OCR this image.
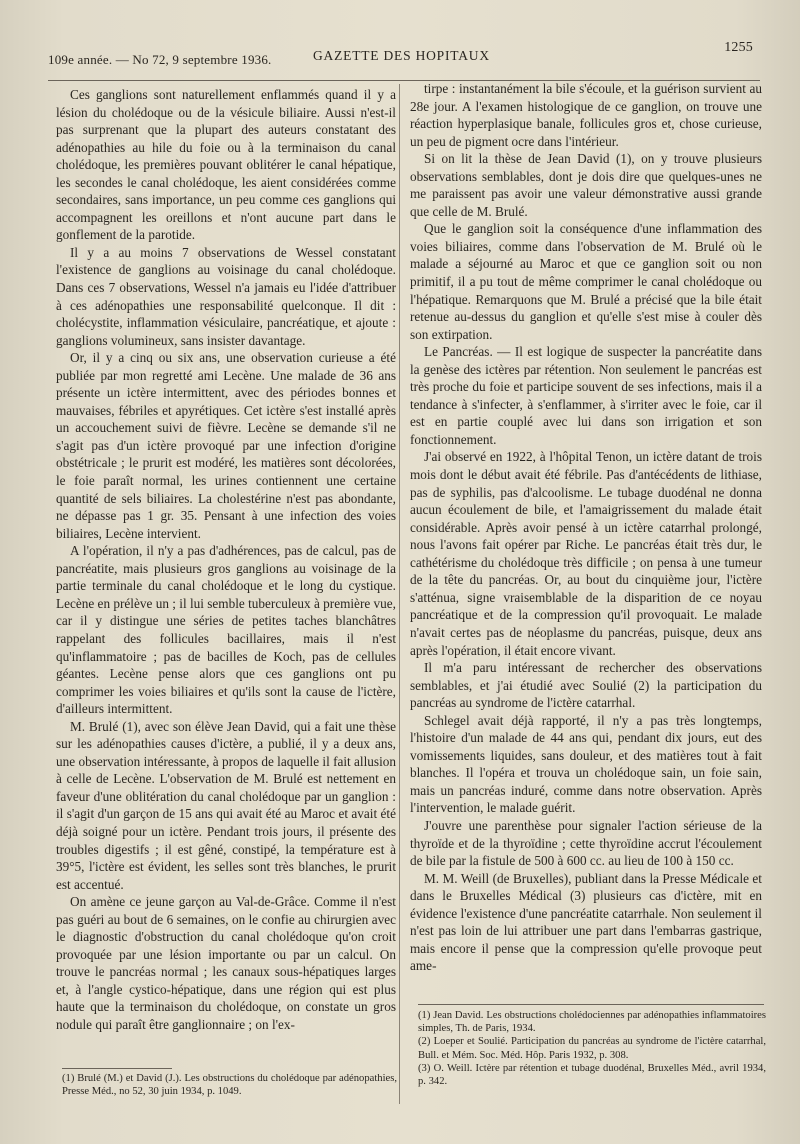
109e année. — No 72, 9 septembre 1936.	GAZETTE DES HOPITAUX
1255

Ces ganglions sont naturellement enflammés quand il y a lésion du cholédoque ou de la vésicule biliaire. Aussi n'est-il pas surprenant que la plupart des auteurs constatant des adénopathies au hile du foie ou à la terminaison du canal cholédoque, les premières pouvant oblitérer le canal hépatique, les secondes le canal cholédoque, les aient considérées comme secondaires, sans importance, un peu comme ces ganglions qui accompagnent les oreillons et n'ont aucune part dans le gonflement de la parotide.

Il y a au moins 7 observations de Wessel constatant l'existence de ganglions au voisinage du canal cholédoque. Dans ces 7 observations, Wessel n'a jamais eu l'idée d'attribuer à ces adénopathies une responsabilité quelconque. Il dit : cholécystite, inflammation vésiculaire, pancréatique, et ajoute : ganglions volumineux, sans insister davantage.

Or, il y a cinq ou six ans, une observation curieuse a été publiée par mon regretté ami Lecène. Une malade de 36 ans présente un ictère intermittent, avec des périodes bonnes et mauvaises, fébriles et apyrétiques. Cet ictère s'est installé après un accouchement suivi de fièvre. Lecène se demande s'il ne s'agit pas d'un ictère provoqué par une infection d'origine obstétricale ; le prurit est modéré, les matières sont décolorées, le foie paraît normal, les urines contiennent une certaine quantité de sels biliaires. La cholestérine n'est pas abondante, ne dépasse pas 1 gr. 35. Pensant à une infection des voies biliaires, Lecène intervient.

A l'opération, il n'y a pas d'adhérences, pas de calcul, pas de pancréatite, mais plusieurs gros ganglions au voisinage de la partie terminale du canal cholédoque et le long du cystique. Lecène en prélève un ; il lui semble tuberculeux à première vue, car il y distingue une séries de petites taches blanchâtres rappelant des follicules bacillaires, mais il n'est qu'inflammatoire ; pas de bacilles de Koch, pas de cellules géantes. Lecène pense alors que ces ganglions ont pu comprimer les voies biliaires et qu'ils sont la cause de l'ictère, d'ailleurs intermittent.

M. Brulé (1), avec son élève Jean David, qui a fait une thèse sur les adénopathies causes d'ictère, a publié, il y a deux ans, une observation intéressante, à propos de laquelle il fait allusion à celle de Lecène. L'observation de M. Brulé est nettement en faveur d'une oblitération du canal cholédoque par un ganglion : il s'agit d'un garçon de 15 ans qui avait été au Maroc et avait été déjà soigné pour un ictère. Pendant trois jours, il présente des troubles digestifs ; il est gêné, constipé, la température est à 39°5, l'ictère est évident, les selles sont très blanches, le prurit est accentué.

On amène ce jeune garçon au Val-de-Grâce. Comme il n'est pas guéri au bout de 6 semaines, on le confie au chirurgien avec le diagnostic d'obstruction du canal cholédoque qu'on croit provoquée par une lésion importante ou par un calcul. On trouve le pancréas normal ; les canaux sous-hépatiques larges et, à l'angle cystico-hépatique, dans une région qui est plus haute que la terminaison du cholédoque, on constate un gros nodule qui paraît être ganglionnaire ; on l'ex-

tirpe : instantanément la bile s'écoule, et la guérison survient au 28e jour. A l'examen histologique de ce ganglion, on trouve une réaction hyperplasique banale, follicules gros et, chose curieuse, un peu de pigment ocre dans l'intérieur.

Si on lit la thèse de Jean David (1), on y trouve plusieurs observations semblables, dont je dois dire que quelques-unes ne me paraissent pas avoir une valeur démonstrative aussi grande que celle de M. Brulé.

Que le ganglion soit la conséquence d'une inflammation des voies biliaires, comme dans l'observation de M. Brulé où le malade a séjourné au Maroc et que ce ganglion soit ou non primitif, il a pu tout de même comprimer le canal cholédoque ou l'hépatique. Remarquons que M. Brulé a précisé que la bile était retenue au-dessus du ganglion et qu'elle s'est mise à couler dès son extirpation.

Le Pancréas. — Il est logique de suspecter la pancréatite dans la genèse des ictères par rétention. Non seulement le pancréas est très proche du foie et participe souvent de ses infections, mais il a tendance à s'infecter, à s'enflammer, à s'irriter avec le foie, car il est en partie couplé avec lui dans son irrigation et son fonctionnement.

J'ai observé en 1922, à l'hôpital Tenon, un ictère datant de trois mois dont le début avait été fébrile. Pas d'antécédents de lithiase, pas de syphilis, pas d'alcoolisme. Le tubage duodénal ne donna aucun écoulement de bile, et l'amaigrissement du malade était considérable. Après avoir pensé à un ictère catarrhal prolongé, nous l'avons fait opérer par Riche. Le pancréas était très dur, le cathétérisme du cholédoque très difficile ; on pensa à une tumeur de la tête du pancréas. Or, au bout du cinquième jour, l'ictère s'atténua, signe vraisemblable de la disparition de ce noyau pancréatique et de la compression qu'il provoquait. Le malade n'avait certes pas de néoplasme du pancréas, puisque, deux ans après l'opération, il était encore vivant.

Il m'a paru intéressant de rechercher des observations semblables, et j'ai étudié avec Soulié (2) la participation du pancréas au syndrome de l'ictère catarrhal.

Schlegel avait déjà rapporté, il n'y a pas très longtemps, l'histoire d'un malade de 44 ans qui, pendant dix jours, eut des vomissements liquides, sans douleur, et des matières tout à fait blanches. Il l'opéra et trouva un cholédoque sain, un foie sain, mais un pancréas induré, comme dans notre observation. Après l'intervention, le malade guérit.

J'ouvre une parenthèse pour signaler l'action sérieuse de la thyroïde et de la thyroïdine ; cette thyroïdine accrut l'écoulement de bile par la fistule de 500 à 600 cc. au lieu de 100 à 150 cc.

M. M. Weill (de Bruxelles), publiant dans la Presse Médicale et dans le Bruxelles Médical (3) plusieurs cas d'ictère, mit en évidence l'existence d'une pancréatite catarrhale. Non seulement il n'est pas loin de lui attribuer une part dans l'embarras gastrique, mais encore il pense que la compression qu'elle provoque peut ame-

(1) Brulé (M.) et David (J.). Les obstructions du cholédoque par adénopathies, Presse Méd., no 52, 30 juin 1934, p. 1049.

(1) Jean David. Les obstructions cholédociennes par adénopathies inflammatoires simples, Th. de Paris, 1934.

(2) Loeper et Soulié. Participation du pancréas au syndrome de l'ictère catarrhal, Bull. et Mém. Soc. Méd. Hôp. Paris 1932, p. 308.

(3) O. Weill. Ictère par rétention et tubage duodénal, Bruxelles Méd., avril 1934, p. 342.
